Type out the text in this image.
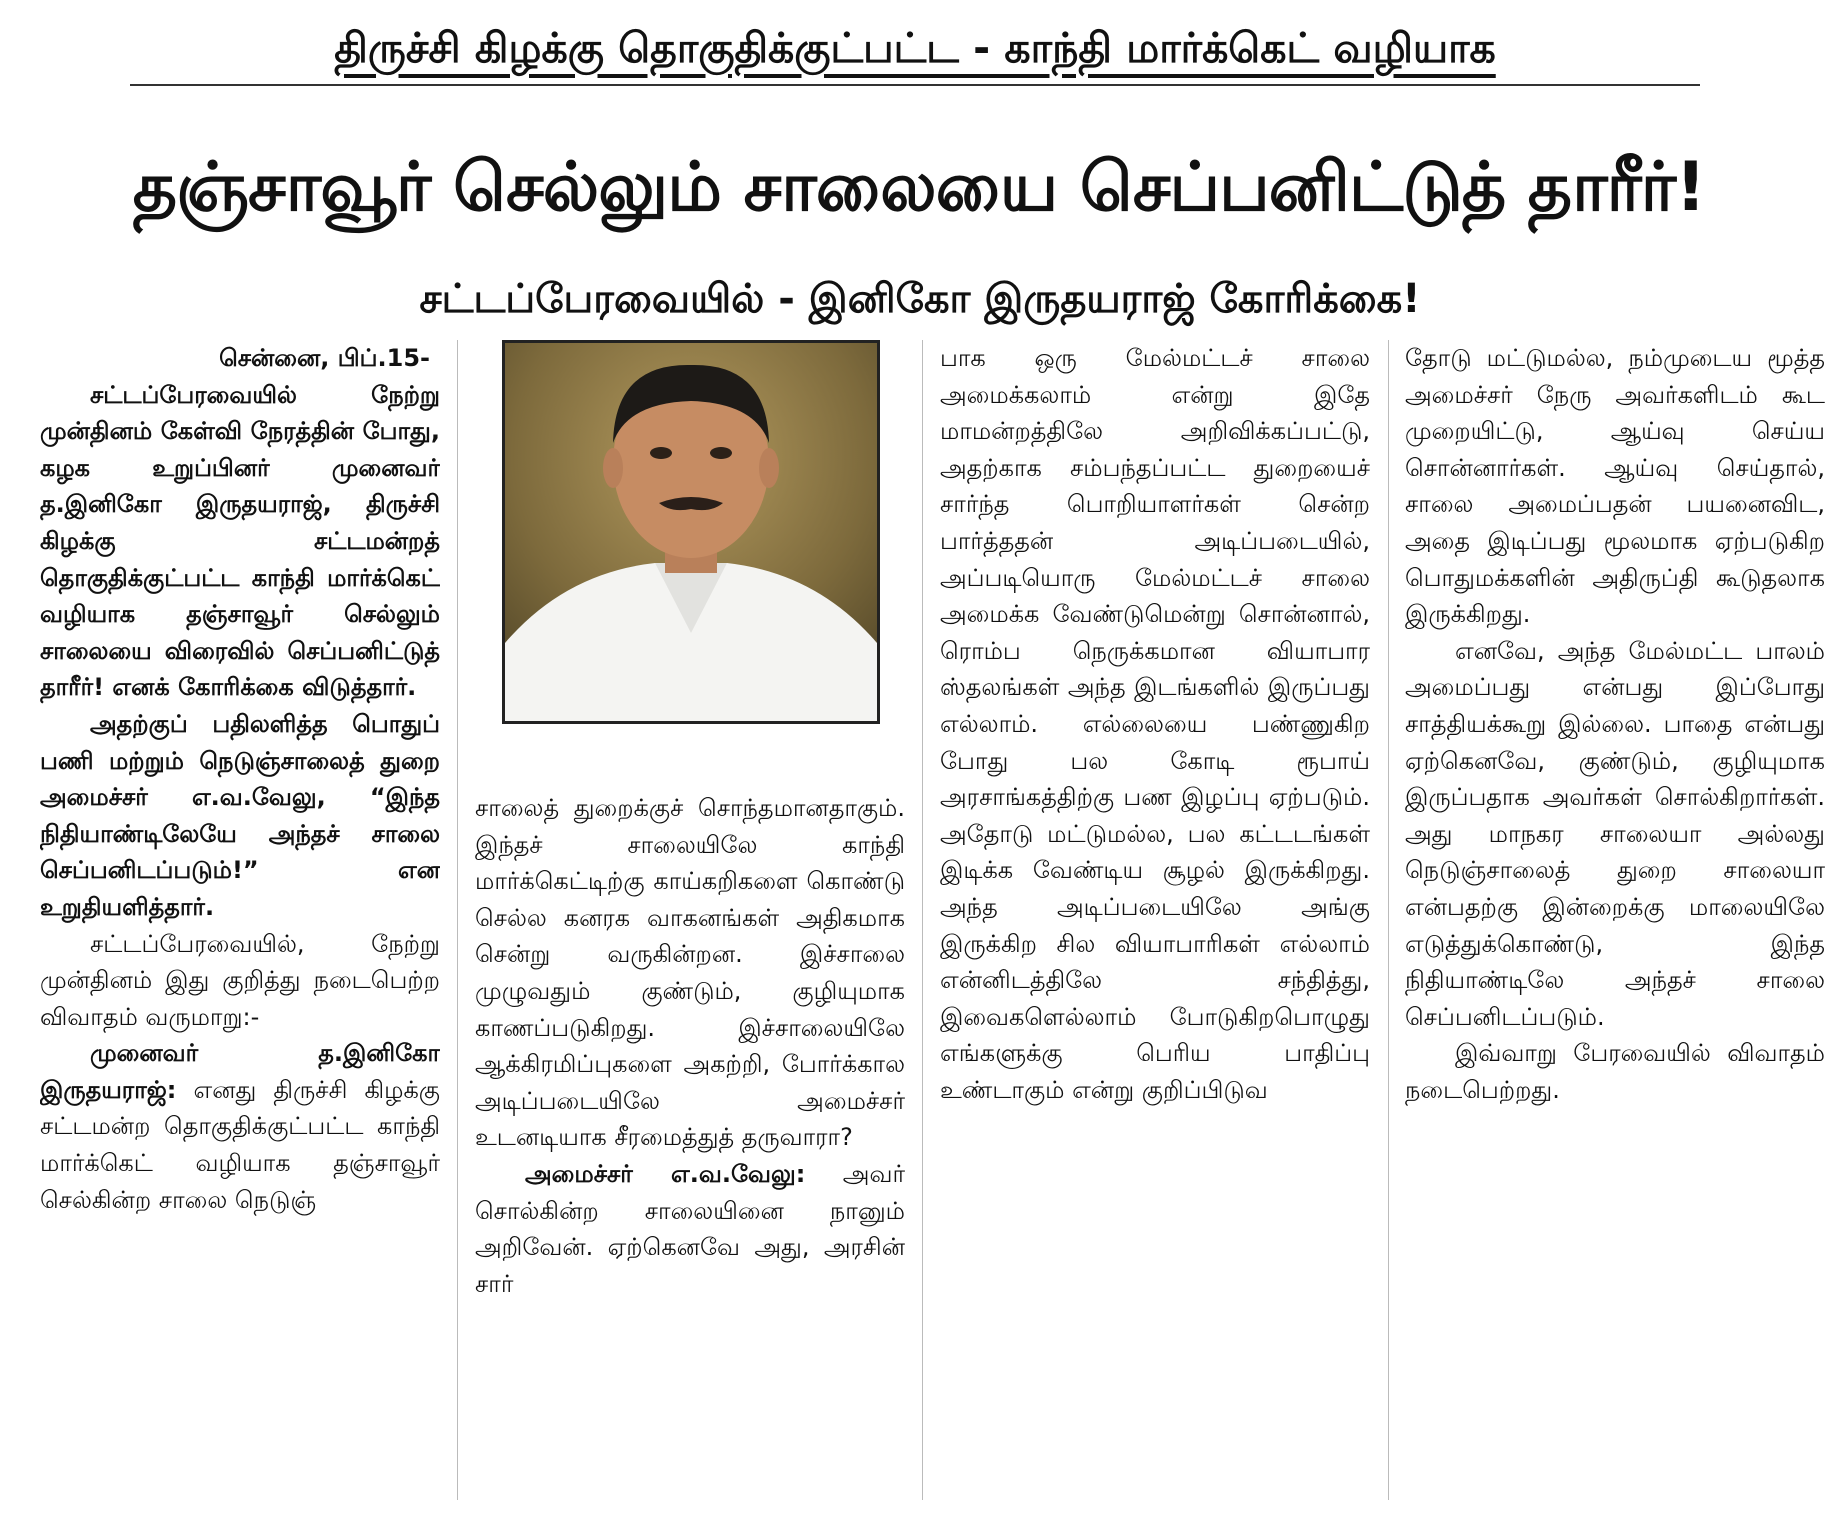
திருச்சி கிழக்கு தொகுதிக்குட்பட்ட - காந்தி மார்க்கெட் வழியாக
தஞ்சாவூர் செல்லும் சாலையை செப்பனிட்டுத் தாரீர்!
சட்டப்பேரவையில் - இனிகோ இருதயராஜ் கோரிக்கை!

சென்னை, பிப்.15-

சட்டப்பேரவையில் நேற்று முன்தினம் கேள்வி நேரத்தின் போது, கழக உறுப்பினர் முனைவர் த.இனிகோ இருதயராஜ், திருச்சி கிழக்கு சட்டமன்றத் தொகுதிக்குட்பட்ட காந்தி மார்க்கெட் வழியாக தஞ்சாவூர் செல்லும் சாலையை விரைவில் செப்பனிட்டுத் தாரீர்! எனக் கோரிக்கை விடுத்தார்.

அதற்குப் பதிலளித்த பொதுப் பணி மற்றும் நெடுஞ்சாலைத் துறை அமைச்சர் எ.வ.வேலு, “இந்த நிதியாண்டிலேயே அந்தச் சாலை செப்பனிடப்படும்!” என உறுதியளித்தார்.

சட்டப்பேரவையில், நேற்று முன்தினம் இது குறித்து நடைபெற்ற விவாதம் வருமாறு:-

முனைவர் த.இனிகோ இருதயராஜ்: எனது திருச்சி கிழக்கு சட்டமன்ற தொகுதிக்குட்பட்ட காந்தி மார்க்கெட் வழியாக தஞ்சாவூர் செல்கின்ற சாலை நெடுஞ்

சாலைத் துறைக்குச் சொந்தமானதாகும். இந்தச் சாலையிலே காந்தி மார்க்கெட்டிற்கு காய்கறிகளை கொண்டு செல்ல கனரக வாகனங்கள் அதிகமாக சென்று வருகின்றன. இச்சாலை முழுவதும் குண்டும், குழியுமாக காணப்படுகிறது. இச்சாலையிலே ஆக்கிரமிப்புகளை அகற்றி, போர்க்கால அடிப்படையிலே அமைச்சர் உடனடியாக சீரமைத்துத் தருவாரா?

அமைச்சர் எ.வ.வேலு: அவர் சொல்கின்ற சாலையினை நானும் அறிவேன். ஏற்கெனவே அது, அரசின் சார்

பாக ஒரு மேல்மட்டச் சாலை அமைக்கலாம் என்று இதே மாமன்றத்திலே அறிவிக்கப்பட்டு, அதற்காக சம்பந்தப்பட்ட துறையைச் சார்ந்த பொறியாளர்கள் சென்ற பார்த்ததன் அடிப்படையில், அப்படியொரு மேல்மட்டச் சாலை அமைக்க வேண்டுமென்று சொன்னால், ரொம்ப நெருக்கமான வியாபார ஸ்தலங்கள் அந்த இடங்களில் இருப்பது எல்லாம். எல்லையை பண்ணுகிற போது பல கோடி ரூபாய் அரசாங்கத்திற்கு பண இழப்பு ஏற்படும். அதோடு மட்டுமல்ல, பல கட்டடங்கள் இடிக்க வேண்டிய சூழல் இருக்கிறது. அந்த அடிப்படையிலே அங்கு இருக்கிற சில வியாபாரிகள் எல்லாம் என்னிடத்திலே சந்தித்து, இவைகளெல்லாம் போடுகிறபொழுது எங்களுக்கு பெரிய பாதிப்பு உண்டாகும் என்று குறிப்பிடுவ

தோடு மட்டுமல்ல, நம்முடைய மூத்த அமைச்சர் நேரு அவர்களிடம் கூட முறையிட்டு, ஆய்வு செய்ய சொன்னார்கள். ஆய்வு செய்தால், சாலை அமைப்பதன் பயனைவிட, அதை இடிப்பது மூலமாக ஏற்படுகிற பொதுமக்களின் அதிருப்தி கூடுதலாக இருக்கிறது.

எனவே, அந்த மேல்மட்ட பாலம் அமைப்பது என்பது இப்போது சாத்தியக்கூறு இல்லை. பாதை என்பது ஏற்கெனவே, குண்டும், குழியுமாக இருப்பதாக அவர்கள் சொல்கிறார்கள். அது மாநகர சாலையா அல்லது நெடுஞ்சாலைத் துறை சாலையா என்பதற்கு இன்றைக்கு மாலையிலே எடுத்துக்கொண்டு, இந்த நிதியாண்டிலே அந்தச் சாலை செப்பனிடப்படும்.

இவ்வாறு பேரவையில் விவாதம் நடைபெற்றது.
